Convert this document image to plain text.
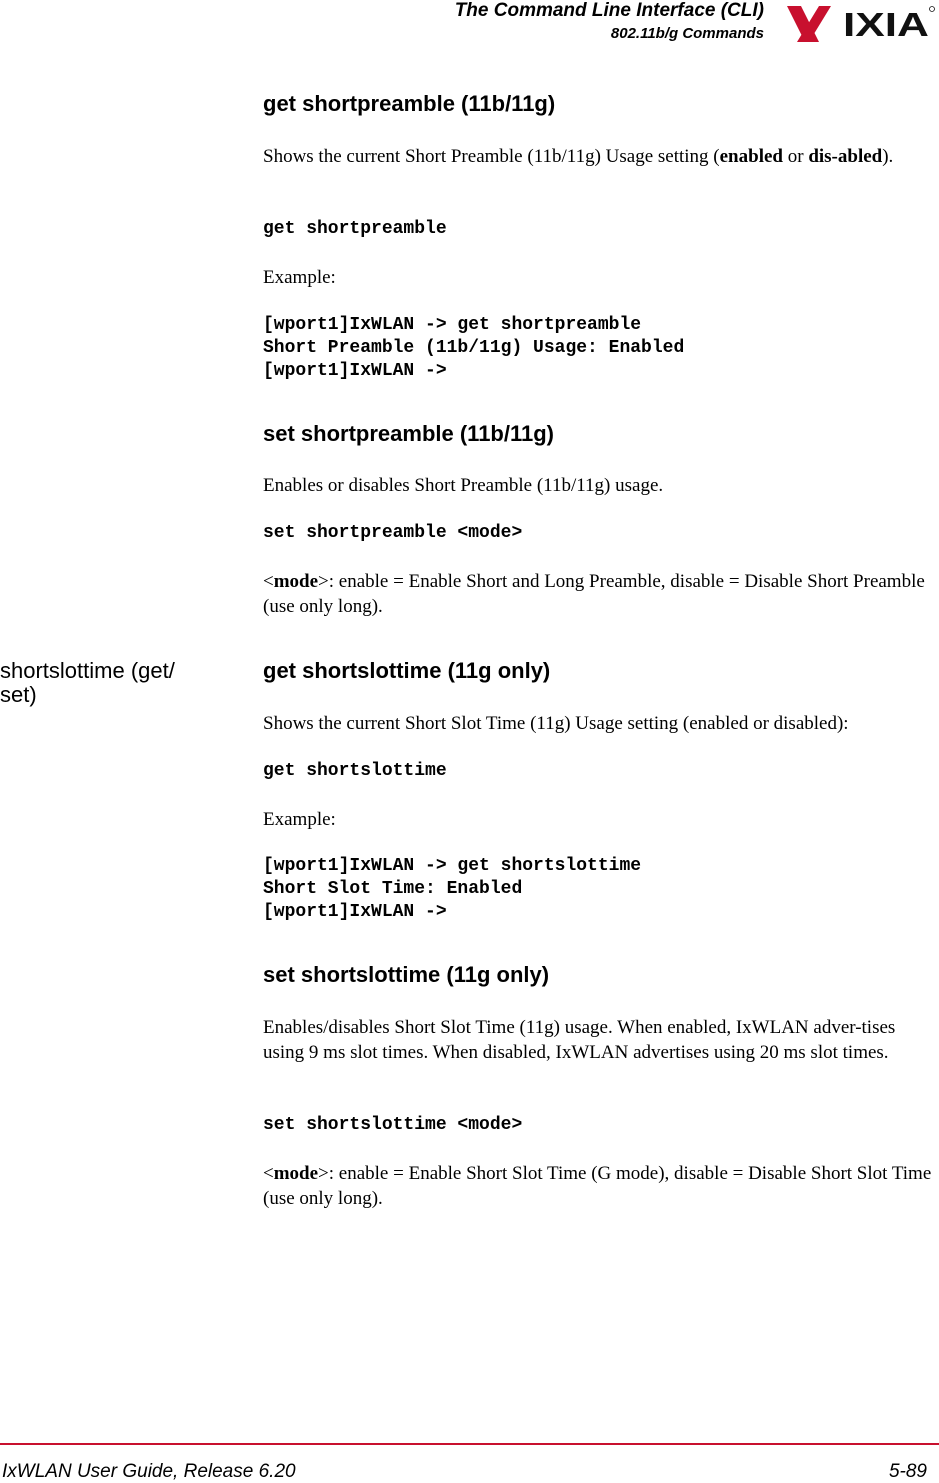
The Command Line Interface (CLI)
802.11b/g Commands IXIA
get shortpreamble (11b/11g)
Shows the current Short Preamble (11b/11g) Usage setting (enabled or dis-abled).
get shortpreamble
Example:
[wport1]IxWLAN -> get shortpreamble
Short Preamble (11b/11g) Usage: Enabled
[wport1]IxWLAN ->
set shortpreamble (11b/11g)
Enables or disables Short Preamble (11b/11g) usage.
set shortpreamble <mode>
<mode>: enable = Enable Short and Long Preamble, disable = Disable Short Preamble (use only long).
shortslottime (get/ set)
get shortslottime (11g only)
Shows the current Short Slot Time (11g) Usage setting (enabled or disabled):
get shortslottime
Example:
[wport1]IxWLAN -> get shortslottime
Short Slot Time: Enabled
[wport1]IxWLAN ->
set shortslottime (11g only)
Enables/disables Short Slot Time (11g) usage. When enabled, IxWLAN adver-tises using 9 ms slot times. When disabled, IxWLAN advertises using 20 ms slot times.
set shortslottime <mode>
<mode>: enable = Enable Short Slot Time (G mode), disable = Disable Short Slot Time (use only long).
IxWLAN User Guide, Release 6.20	5-89
